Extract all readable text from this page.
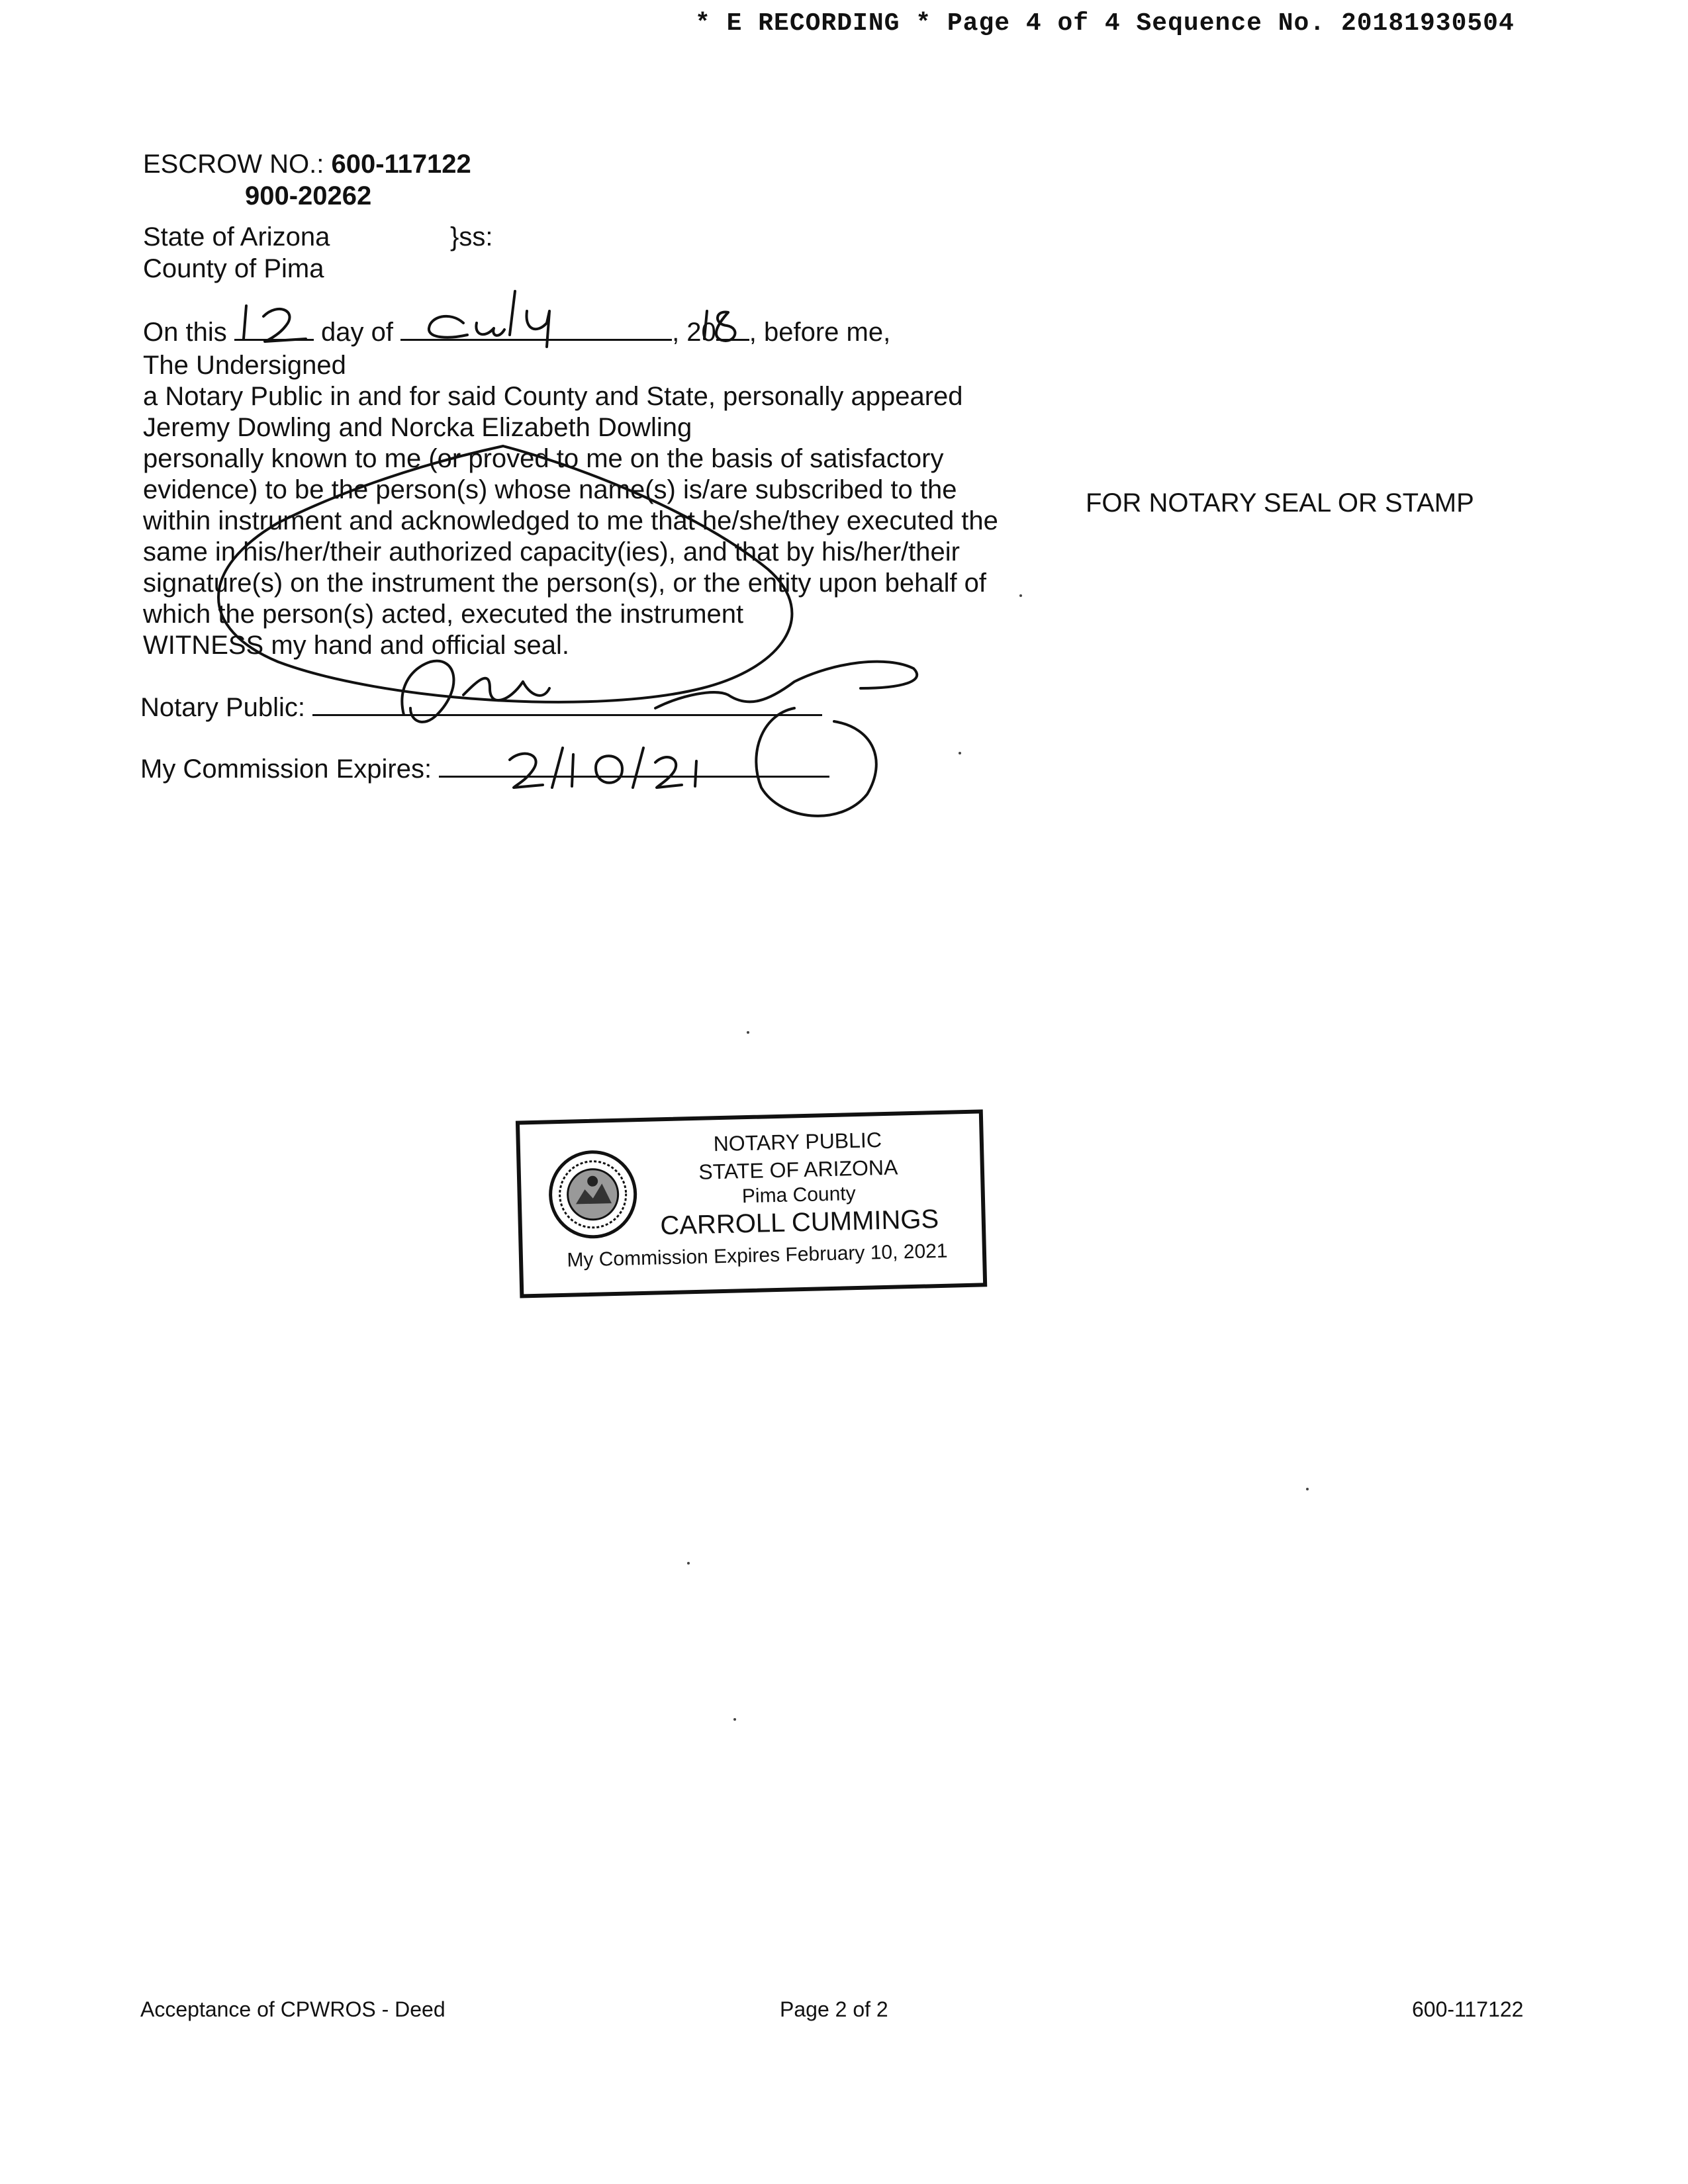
* E RECORDING * Page 4 of 4 Sequence No. 20181930504
ESCROW NO.: 600-117122
900-20262
State of Arizona	}ss:
County of Pima
On this	day of	, 20 , before me,
The Undersigned
a Notary Public in and for said County and State, personally appeared
Jeremy Dowling and Norcka Elizabeth Dowling
personally known to me (or proved to me on the basis of satisfactory
evidence) to be the person(s) whose name(s) is/are subscribed to the
within instrument and acknowledged to me that he/she/they executed the
same in his/her/their authorized capacity(ies), and that by his/her/their
signature(s) on the instrument the person(s), or the entity upon behalf of
which the person(s) acted, executed the instrument
WITNESS my hand and official seal.
Notary Public:
My Commission Expires:
FOR NOTARY SEAL OR STAMP
NOTARY PUBLIC
STATE OF ARIZONA
Pima County
CARROLL CUMMINGS
My Commission Expires February 10, 2021
Acceptance of CPWROS - Deed	Page 2 of 2	600-117122
